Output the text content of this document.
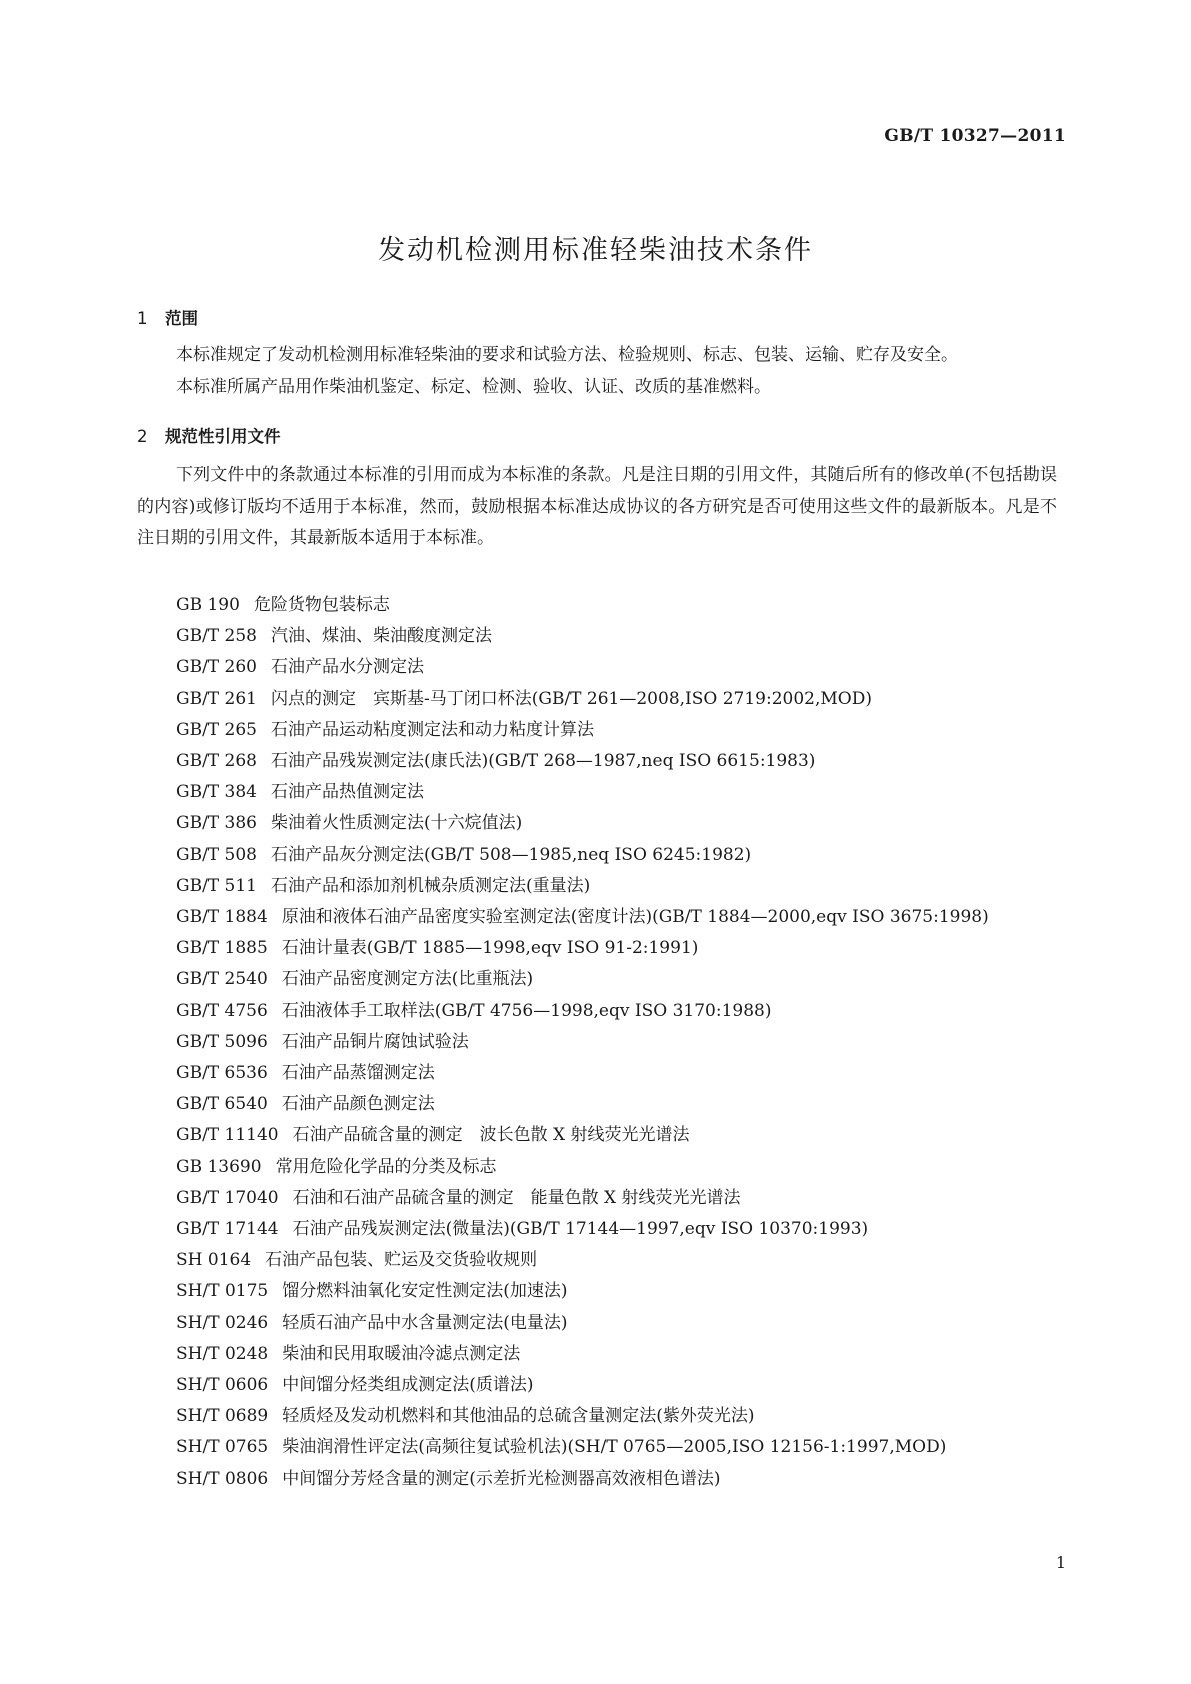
GB/T 10327—2011
发动机检测用标准轻柴油技术条件
1 范围

本标准规定了发动机检测用标准轻柴油的要求和试验方法、检验规则、标志、包装、运输、贮存及安全。

本标准所属产品用作柴油机鉴定、标定、检测、验收、认证、改质的基准燃料。

2 规范性引用文件

下列文件中的条款通过本标准的引用而成为本标准的条款。凡是注日期的引用文件，其随后所有的修改单(不包括勘误的内容)或修订版均不适用于本标准，然而，鼓励根据本标准达成协议的各方研究是否可使用这些文件的最新版本。凡是不注日期的引用文件，其最新版本适用于本标准。

GB 190 危险货物包装标志
GB/T 258 汽油、煤油、柴油酸度测定法
GB/T 260 石油产品水分测定法
GB/T 261 闪点的测定　宾斯基-马丁闭口杯法(GB/T 261—2008,ISO 2719:2002,MOD)
GB/T 265 石油产品运动粘度测定法和动力粘度计算法
GB/T 268 石油产品残炭测定法(康氏法)(GB/T 268—1987,neq ISO 6615:1983)
GB/T 384 石油产品热值测定法
GB/T 386 柴油着火性质测定法(十六烷值法)
GB/T 508 石油产品灰分测定法(GB/T 508—1985,neq ISO 6245:1982)
GB/T 511 石油产品和添加剂机械杂质测定法(重量法)
GB/T 1884 原油和液体石油产品密度实验室测定法(密度计法)(GB/T 1884—2000,eqv ISO 3675:1998)
GB/T 1885 石油计量表(GB/T 1885—1998,eqv ISO 91-2:1991)
GB/T 2540 石油产品密度测定方法(比重瓶法)
GB/T 4756 石油液体手工取样法(GB/T 4756—1998,eqv ISO 3170:1988)
GB/T 5096 石油产品铜片腐蚀试验法
GB/T 6536 石油产品蒸馏测定法
GB/T 6540 石油产品颜色测定法
GB/T 11140 石油产品硫含量的测定　波长色散 X 射线荧光光谱法
GB 13690 常用危险化学品的分类及标志
GB/T 17040 石油和石油产品硫含量的测定　能量色散 X 射线荧光光谱法
GB/T 17144 石油产品残炭测定法(微量法)(GB/T 17144—1997,eqv ISO 10370:1993)
SH 0164 石油产品包装、贮运及交货验收规则
SH/T 0175 馏分燃料油氧化安定性测定法(加速法)
SH/T 0246 轻质石油产品中水含量测定法(电量法)
SH/T 0248 柴油和民用取暖油冷滤点测定法
SH/T 0606 中间馏分烃类组成测定法(质谱法)
SH/T 0689 轻质烃及发动机燃料和其他油品的总硫含量测定法(紫外荧光法)
SH/T 0765 柴油润滑性评定法(高频往复试验机法)(SH/T 0765—2005,ISO 12156-1:1997,MOD)
SH/T 0806 中间馏分芳烃含量的测定(示差折光检测器高效液相色谱法)
1
